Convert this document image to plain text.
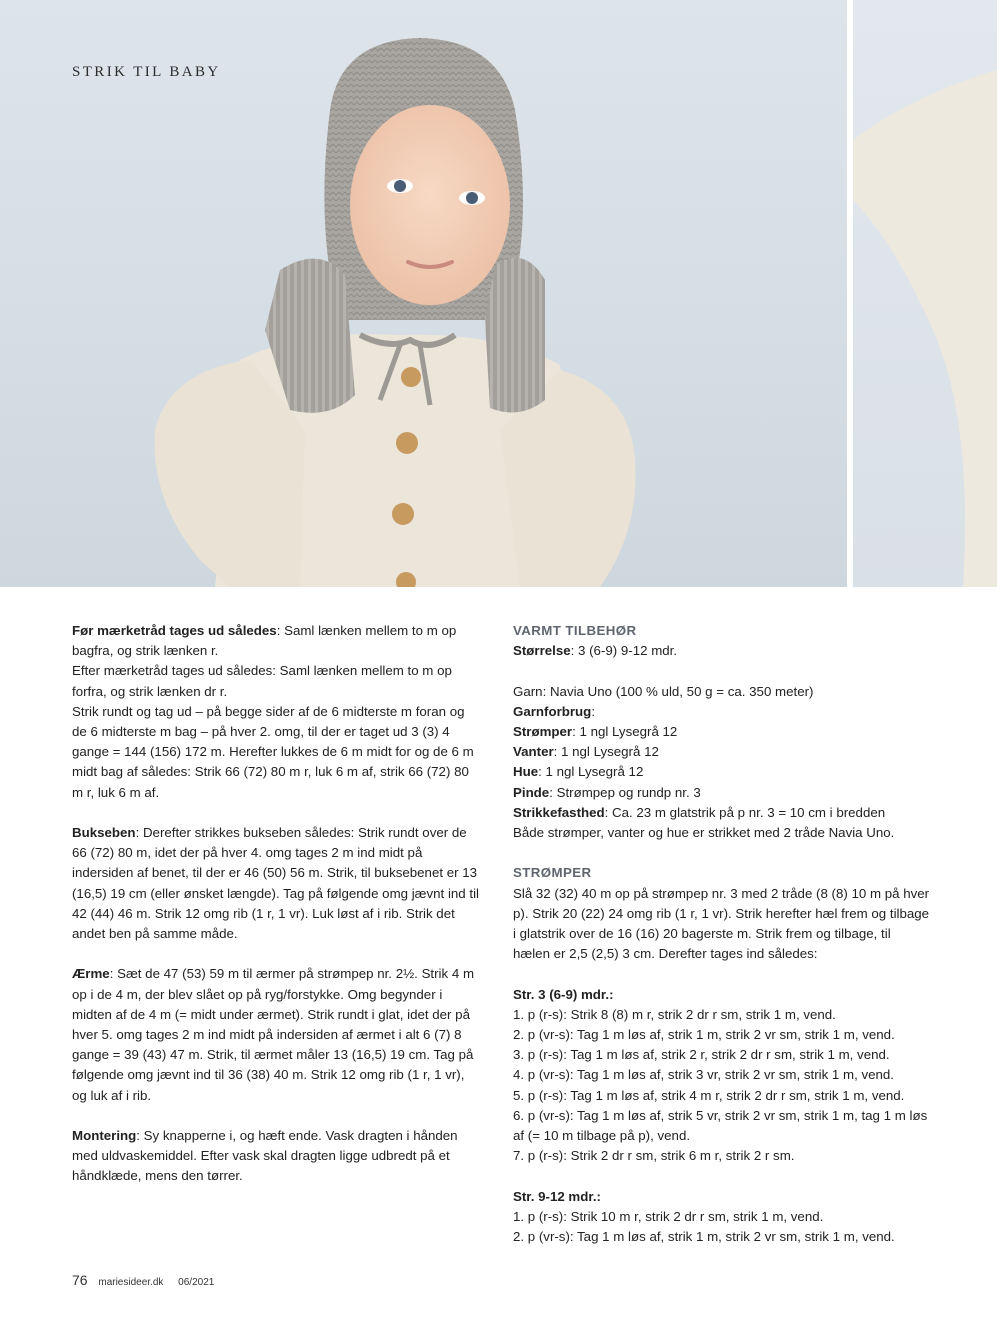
STRIK TIL BABY

Før mærketråd tages ud således: Saml lænken mellem to m op bagfra, og strik lænken r.

Efter mærketråd tages ud således: Saml lænken mellem to m op forfra, og strik lænken dr r.

Strik rundt og tag ud – på begge sider af de 6 midterste m foran og de 6 midterste m bag – på hver 2. omg, til der er taget ud 3 (3) 4 gange = 144 (156) 172 m. Herefter lukkes de 6 m midt for og de 6 m midt bag af således: Strik 66 (72) 80 m r, luk 6 m af, strik 66 (72) 80 m r, luk 6 m af.

Bukseben: Derefter strikkes bukseben således: Strik rundt over de 66 (72) 80 m, idet der på hver 4. omg tages 2 m ind midt på indersiden af benet, til der er 46 (50) 56 m. Strik, til buksebenet er 13 (16,5) 19 cm (eller ønsket længde). Tag på følgende omg jævnt ind til 42 (44) 46 m. Strik 12 omg rib (1 r, 1 vr). Luk løst af i rib. Strik det andet ben på samme måde.

Ærme: Sæt de 47 (53) 59 m til ærmer på strømpep nr. 2½. Strik 4 m op i de 4 m, der blev slået op på ryg/forstykke. Omg begynder i midten af de 4 m (= midt under ærmet). Strik rundt i glat, idet der på hver 5. omg tages 2 m ind midt på indersiden af ærmet i alt 6 (7) 8 gange = 39 (43) 47 m. Strik, til ærmet måler 13 (16,5) 19 cm. Tag på følgende omg jævnt ind til 36 (38) 40 m. Strik 12 omg rib (1 r, 1 vr), og luk af i rib.

Montering: Sy knapperne i, og hæft ende. Vask dragten i hånden med uldvaskemiddel. Efter vask skal dragten ligge udbredt på et håndklæde, mens den tørrer.

VARMT TILBEHØR

Størrelse: 3 (6-9) 9-12 mdr.

Garn: Navia Uno (100 % uld, 50 g = ca. 350 meter)

Garnforbrug:

Strømper: 1 ngl Lysegrå 12

Vanter: 1 ngl Lysegrå 12

Hue: 1 ngl Lysegrå 12

Pinde: Strømpep og rundp nr. 3

Strikkefasthed: Ca. 23 m glatstrik på p nr. 3 = 10 cm i bredden

Både strømper, vanter og hue er strikket med 2 tråde Navia Uno.

STRØMPER

Slå 32 (32) 40 m op på strømpep nr. 3 med 2 tråde (8 (8) 10 m på hver p). Strik 20 (22) 24 omg rib (1 r, 1 vr). Strik herefter hæl frem og tilbage i glatstrik over de 16 (16) 20 bagerste m. Strik frem og tilbage, til hælen er 2,5 (2,5) 3 cm. Derefter tages ind således:

Str. 3 (6-9) mdr.:

1. p (r-s): Strik 8 (8) m r, strik 2 dr r sm, strik 1 m, vend.

2. p (vr-s): Tag 1 m løs af, strik 1 m, strik 2 vr sm, strik 1 m, vend.

3. p (r-s): Tag 1 m løs af, strik 2 r, strik 2 dr r sm, strik 1 m, vend.

4. p (vr-s): Tag 1 m løs af, strik 3 vr, strik 2 vr sm, strik 1 m, vend.

5. p (r-s): Tag 1 m løs af, strik 4 m r, strik 2 dr r sm, strik 1 m, vend.

6. p (vr-s): Tag 1 m løs af, strik 5 vr, strik 2 vr sm, strik 1 m, tag 1 m løs af (= 10 m tilbage på p), vend.

7. p (r-s): Strik 2 dr r sm, strik 6 m r, strik 2 r sm.

Str. 9-12 mdr.:

1. p (r-s): Strik 10 m r, strik 2 dr r sm, strik 1 m, vend.

2. p (vr-s): Tag 1 m løs af, strik 1 m, strik 2 vr sm, strik 1 m, vend.

76 mariesideer.dk 06/2021
